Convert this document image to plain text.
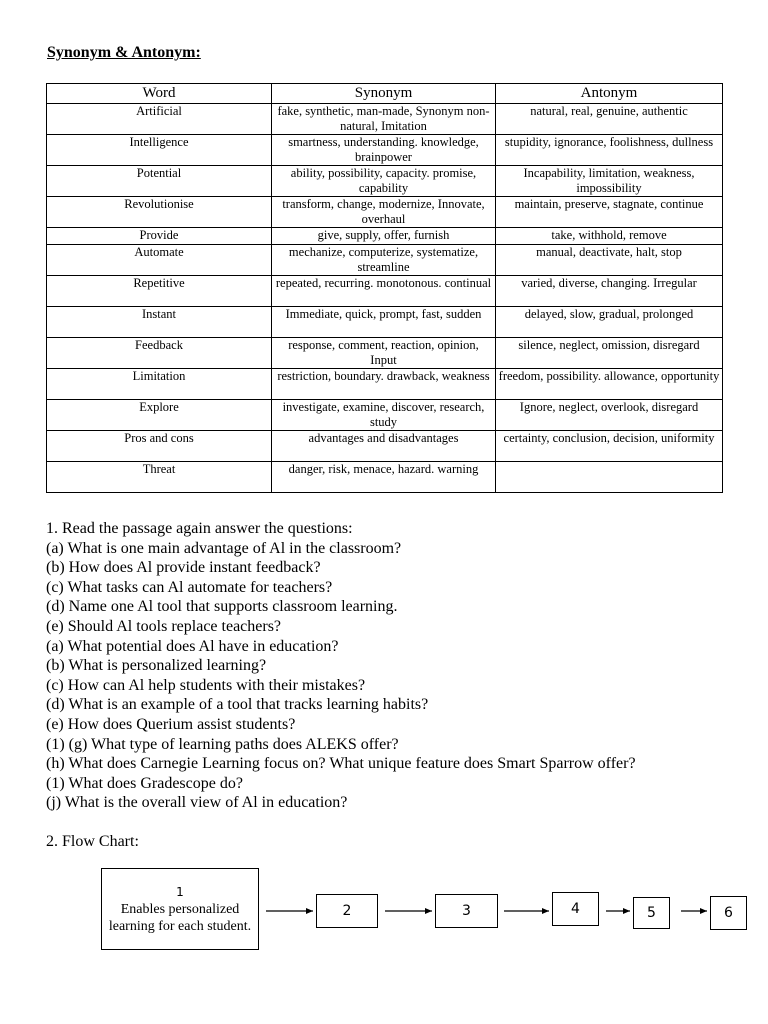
Synonym & Antonym:
Word	Synonym	Antonym
Artificial	fake, synthetic, man-made, Synonym non-natural, Imitation	natural, real, genuine, authentic
Intelligence	smartness, understanding. knowledge, brainpower	stupidity, ignorance, foolishness, dullness
Potential	ability, possibility, capacity. promise, capability	Incapability, limitation, weakness, impossibility
Revolutionise	transform, change, modernize, Innovate, overhaul	maintain, preserve, stagnate, continue
Provide	give, supply, offer, furnish	take, withhold, remove
Automate	mechanize, computerize, systematize, streamline	manual, deactivate, halt, stop
Repetitive	repeated, recurring. monotonous. continual	varied, diverse, changing. Irregular
Instant	Immediate, quick, prompt, fast, sudden	delayed, slow, gradual, prolonged
Feedback	response, comment, reaction, opinion, Input	silence, neglect, omission, disregard
Limitation	restriction, boundary. drawback, weakness	freedom, possibility. allowance, opportunity
Explore	investigate, examine, discover, research, study	Ignore, neglect, overlook, disregard
Pros and cons	advantages and disadvantages	certainty, conclusion, decision, uniformity
Threat	danger, risk, menace, hazard. warning	
1. Read the passage again answer the questions:
(a) What is one main advantage of Al in the classroom?
(b) How does Al provide instant feedback?
(c) What tasks can Al automate for teachers?
(d) Name one Al tool that supports classroom learning.
(e) Should Al tools replace teachers?
(a) What potential does Al have in education?
(b) What is personalized learning?
(c) How can Al help students with their mistakes?
(d) What is an example of a tool that tracks learning habits?
(e) How does Querium assist students?
(1) (g) What type of learning paths does ALEKS offer?
(h) What does Carnegie Learning focus on? What unique feature does Smart Sparrow offer?
(1) What does Gradescope do?
(j) What is the overall view of Al in education?
2. Flow Chart:
1
Enables personalized learning for each student.
2	3	4	5	6
